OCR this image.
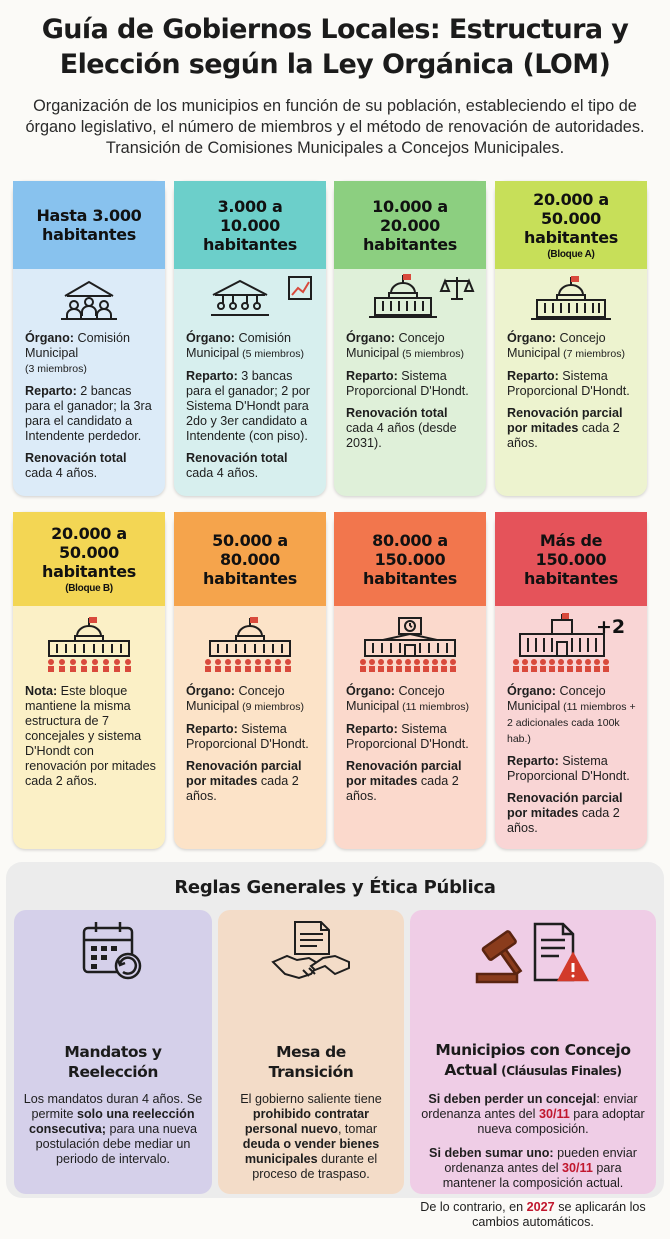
Guía de Gobiernos Locales: Estructura y Elección según la Ley Orgánica (LOM)
Organización de los municipios en función de su población, estableciendo el tipo de órgano legislativo, el número de miembros y el método de renovación de autoridades. Transición de Comisiones Municipales a Concejos Municipales.
Hasta 3.000 habitantes

Órgano: Comisión Municipal
(3 miembros)

Reparto: 2 bancas para el ganador; la 3ra para el candidato a Intendente perdedor.

Renovación total cada 4 años.

3.000 a 10.000 habitantes

Órgano: Comisión Municipal (5 miembros)

Reparto: 3 bancas para el ganador; 2 por Sistema D'Hondt para 2do y 3er candidato a Intendente (con piso).

Renovación total cada 4 años.

10.000 a 20.000 habitantes

Órgano: Concejo Municipal (5 miembros)

Reparto: Sistema Proporcional D'Hondt.

Renovación total cada 4 años (desde 2031).

20.000 a 50.000 habitantes
(Bloque A)

Órgano: Concejo Municipal (7 miembros)

Reparto: Sistema Proporcional D'Hondt.

Renovación parcial por mitades cada 2 años.

20.000 a 50.000 habitantes
(Bloque B)

Nota: Este bloque mantiene la misma estructura de 7 concejales y sistema D'Hondt con renovación por mitades cada 2 años.

50.000 a 80.000 habitantes

Órgano: Concejo Municipal (9 miembros)

Reparto: Sistema Proporcional D'Hondt.

Renovación parcial por mitades cada 2 años.

80.000 a 150.000 habitantes

Órgano: Concejo Municipal (11 miembros)

Reparto: Sistema Proporcional D'Hondt.

Renovación parcial por mitades cada 2 años.

Más de 150.000 habitantes
+2

Órgano: Concejo Municipal (11 miembros + 2 adicionales cada 100k hab.)

Reparto: Sistema Proporcional D'Hondt.

Renovación parcial por mitades cada 2 años.

Reglas Generales y Ética Pública
Mandatos y Reelección

Los mandatos duran 4 años. Se permite solo una reelección consecutiva; para una nueva postulación debe mediar un periodo de intervalo.

Mesa de Transición

El gobierno saliente tiene prohibido contratar personal nuevo, tomar deuda o vender bienes municipales durante el proceso de traspaso.

Municipios con Concejo Actual (Cláusulas Finales)

Si deben perder un concejal: enviar ordenanza antes del 30/11 para adoptar nueva composición.

Si deben sumar uno: pueden enviar ordenanza antes del 30/11 para mantener la composición actual.

De lo contrario, en 2027 se aplicarán los cambios automáticos.
